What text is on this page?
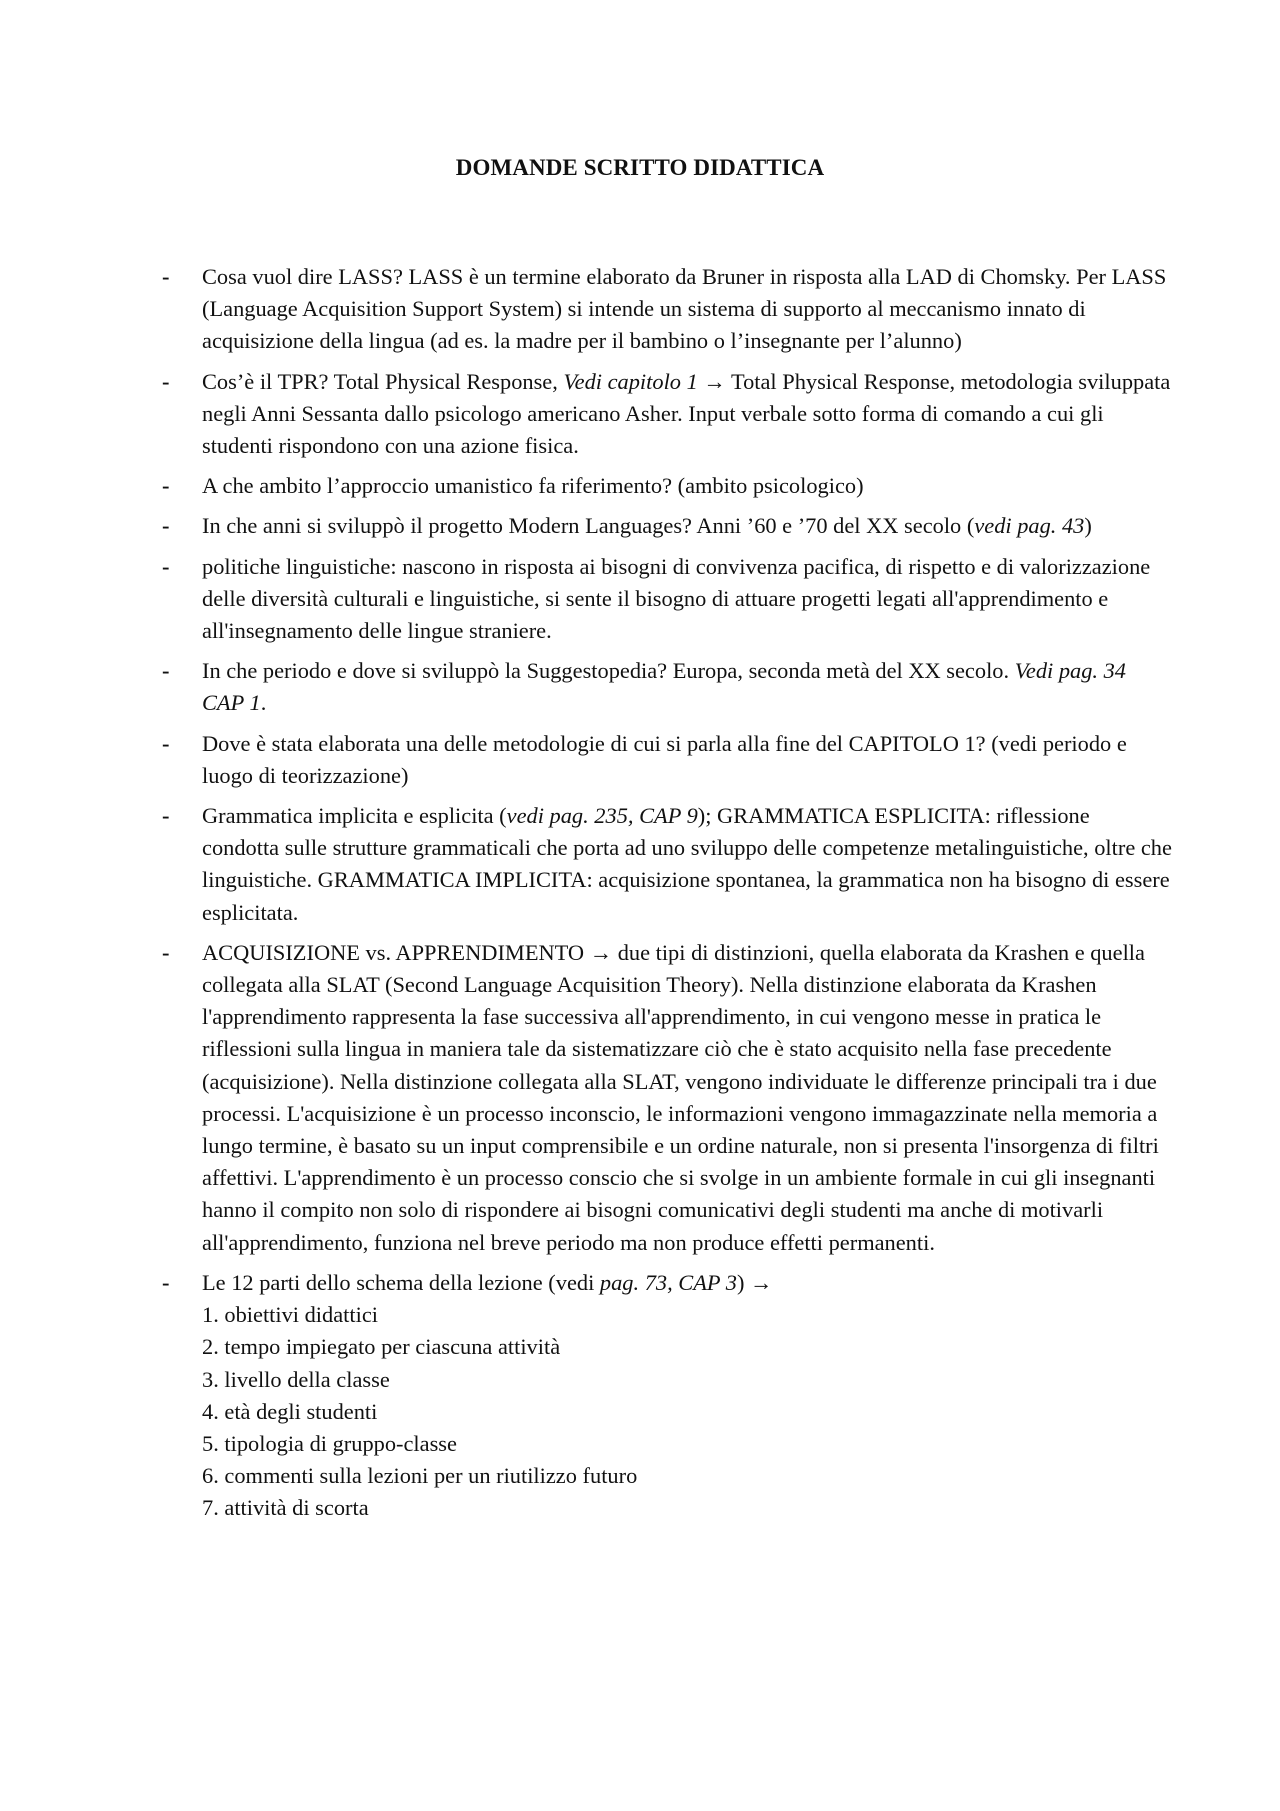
DOMANDE SCRITTO DIDATTICA
-	Cosa vuol dire LASS? LASS è un termine elaborato da Bruner in risposta alla LAD di Chomsky. Per LASS (Language Acquisition Support System) si intende un sistema di supporto al meccanismo innato di acquisizione della lingua (ad es. la madre per il bambino o l’insegnante per l’alunno)
-	Cos’è il TPR? Total Physical Response, Vedi capitolo 1 → Total Physical Response, metodologia sviluppata negli Anni Sessanta dallo psicologo americano Asher. Input verbale sotto forma di comando a cui gli studenti rispondono con una azione fisica.
-	A che ambito l’approccio umanistico fa riferimento? (ambito psicologico)
-	In che anni si sviluppò il progetto Modern Languages? Anni ’60 e ’70 del XX secolo (vedi pag. 43)
-	politiche linguistiche: nascono in risposta ai bisogni di convivenza pacifica, di rispetto e di valorizzazione delle diversità culturali e linguistiche, si sente il bisogno di attuare progetti legati all'apprendimento e all'insegnamento delle lingue straniere.
-	In che periodo e dove si sviluppò la Suggestopedia? Europa, seconda metà del XX secolo. Vedi pag. 34 CAP 1.
-	Dove è stata elaborata una delle metodologie di cui si parla alla fine del CAPITOLO 1? (vedi periodo e luogo di teorizzazione)
-	Grammatica implicita e esplicita (vedi pag. 235, CAP 9); GRAMMATICA ESPLICITA: riflessione condotta sulle strutture grammaticali che porta ad uno sviluppo delle competenze metalinguistiche, oltre che linguistiche. GRAMMATICA IMPLICITA: acquisizione spontanea, la grammatica non ha bisogno di essere esplicitata.
-	ACQUISIZIONE vs. APPRENDIMENTO → due tipi di distinzioni, quella elaborata da Krashen e quella collegata alla SLAT (Second Language Acquisition Theory). Nella distinzione elaborata da Krashen l'apprendimento rappresenta la fase successiva all'apprendimento, in cui vengono messe in pratica le riflessioni sulla lingua in maniera tale da sistematizzare ciò che è stato acquisito nella fase precedente (acquisizione). Nella distinzione collegata alla SLAT, vengono individuate le differenze principali tra i due processi. L'acquisizione è un processo inconscio, le informazioni vengono immagazzinate nella memoria a lungo termine, è basato su un input comprensibile e un ordine naturale, non si presenta l'insorgenza di filtri affettivi. L'apprendimento è un processo conscio che si svolge in un ambiente formale in cui gli insegnanti hanno il compito non solo di rispondere ai bisogni comunicativi degli studenti ma anche di motivarli all'apprendimento, funziona nel breve periodo ma non produce effetti permanenti.
-	Le 12 parti dello schema della lezione (vedi pag. 73, CAP 3) →
1. obiettivi didattici
2. tempo impiegato per ciascuna attività
3. livello della classe
4. età degli studenti
5. tipologia di gruppo-classe
6. commenti sulla lezioni per un riutilizzo futuro
7. attività di scorta
